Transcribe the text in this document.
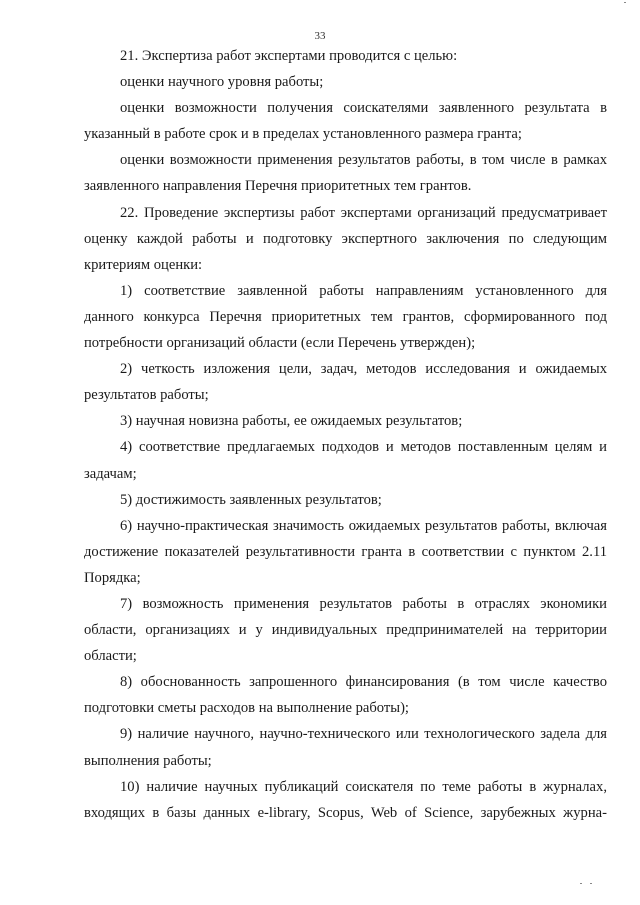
33

21. Экспертиза работ экспертами проводится с целью:

оценки научного уровня работы;

оценки возможности получения соискателями заявленного результата в указанный в работе срок и в пределах установленного размера гранта;

оценки возможности применения результатов работы, в том числе в рамках заявленного направления Перечня приоритетных тем грантов.

22. Проведение экспертизы работ экспертами организаций предусматривает оценку каждой работы и подготовку экспертного заключения по следующим критериям оценки:

1) соответствие заявленной работы направлениям установленного для данного конкурса Перечня приоритетных тем грантов, сформированного под потребности организаций области (если Перечень утвержден);

2) четкость изложения цели, задач, методов исследования и ожидаемых результатов работы;

3) научная новизна работы, ее ожидаемых результатов;

4) соответствие предлагаемых подходов и методов поставленным целям и задачам;

5) достижимость заявленных результатов;

6) научно-практическая значимость ожидаемых результатов работы, включая достижение показателей результативности гранта в соответствии с пунктом 2.11 Порядка;

7) возможность применения результатов работы в отраслях экономики области, организациях и у индивидуальных предпринимателей на территории области;

8) обоснованность запрошенного финансирования (в том числе качество подготовки сметы расходов на выполнение работы);

9) наличие научного, научно-технического или технологического задела для выполнения работы;

10) наличие научных публикаций соискателя по теме работы в журналах, входящих в базы данных e-library, Scopus, Web of Science, зарубежных журна-
